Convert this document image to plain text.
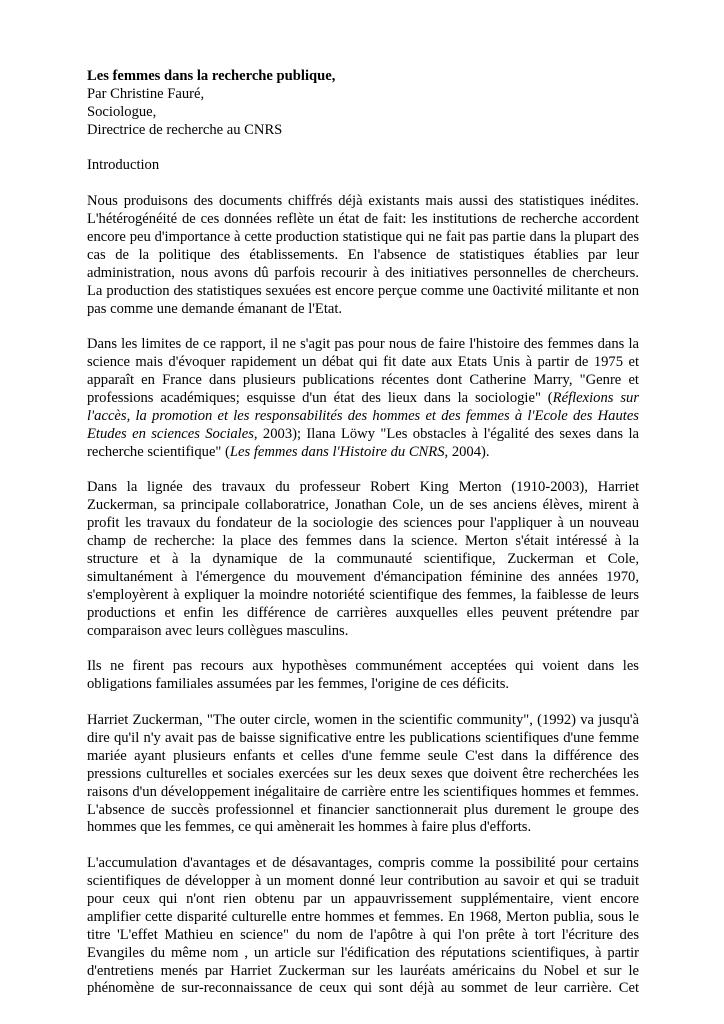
Les femmes dans la recherche publique,
Par Christine Fauré,
Sociologue,
Directrice de recherche au CNRS
Introduction
Nous produisons des documents chiffrés déjà existants mais aussi des statistiques inédites.
L'hétérogénéité de ces données reflète un état de fait: les institutions de recherche accordent
encore peu d'importance à cette production statistique qui ne fait pas partie dans la plupart des
cas de la politique des établissements. En l'absence de statistiques établies par leur
administration, nous avons dû parfois recourir à des initiatives personnelles de chercheurs.
La production des statistiques sexuées est encore perçue comme une 0activité militante et non
pas comme une demande émanant de l'Etat.
Dans les limites de ce rapport, il ne s'agit pas pour nous de faire l'histoire des femmes dans la
science mais d'évoquer rapidement un débat qui fit date aux Etats Unis à partir de 1975 et
apparaît en France dans plusieurs publications récentes dont Catherine Marry, "Genre et
professions académiques; esquisse d'un état des lieux dans la sociologie" (Réflexions sur
l'accès, la promotion et les responsabilités des hommes et des femmes à l'Ecole des Hautes
Etudes en sciences Sociales, 2003); Ilana Löwy "Les obstacles à l'égalité des sexes dans la
recherche scientifique" (Les femmes dans l'Histoire du CNRS, 2004).
Dans la lignée des travaux du professeur Robert King Merton (1910-2003), Harriet
Zuckerman, sa principale collaboratrice, Jonathan Cole, un de ses anciens élèves, mirent à
profit les travaux du fondateur de la sociologie des sciences pour l'appliquer à un nouveau
champ de recherche: la place des femmes dans la science. Merton s'était intéressé à la
structure et à la dynamique de la communauté scientifique, Zuckerman et Cole,
simultanément à l'émergence du mouvement d'émancipation féminine des années 1970,
s'employèrent à expliquer la moindre notoriété scientifique des femmes, la faiblesse de leurs
productions et enfin les différence de carrières auxquelles elles peuvent prétendre par
comparaison avec leurs collègues masculins.
Ils ne firent pas recours aux hypothèses communément acceptées qui voient dans les
obligations familiales assumées par les femmes, l'origine de ces déficits.
Harriet Zuckerman, "The outer circle, women in the scientific community", (1992) va jusqu'à
dire qu'il n'y avait pas de baisse significative entre les publications scientifiques d'une femme
mariée ayant plusieurs enfants et celles d'une femme seule C'est dans la différence des
pressions culturelles et sociales exercées sur les deux sexes que doivent être recherchées les
raisons d'un développement inégalitaire de carrière entre les scientifiques hommes et femmes.
L'absence de succès professionnel et financier sanctionnerait plus durement le groupe des
hommes que les femmes, ce qui amènerait les hommes à faire plus d'efforts.
L'accumulation d'avantages et de désavantages, compris comme la possibilité pour certains
scientifiques de développer à un moment donné leur contribution au savoir et qui se traduit
pour ceux qui n'ont rien obtenu par un appauvrissement supplémentaire, vient encore
amplifier cette disparité culturelle entre hommes et femmes. En 1968, Merton publia, sous le
titre 'L'effet Mathieu en science" du nom de l'apôtre à qui l'on prête à tort l'écriture des
Evangiles du même nom , un article sur l'édification des réputations scientifiques, à partir
d'entretiens menés par Harriet Zuckerman sur les lauréats américains du Nobel et sur le
phénomène de sur-reconnaissance de ceux qui sont déjà au sommet de leur carrière. Cet
